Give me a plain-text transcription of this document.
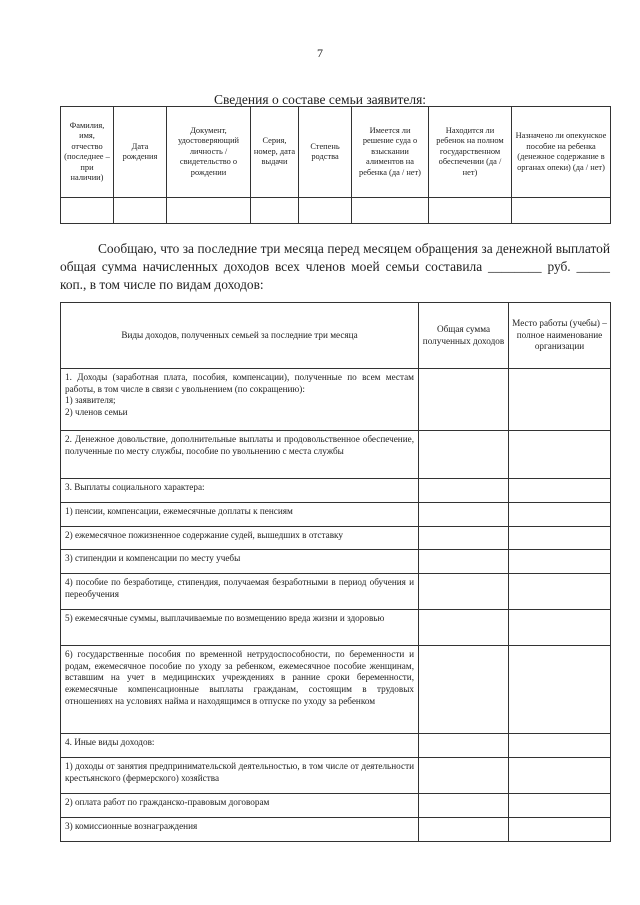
7
Сведения о составе семьи заявителя:
Фамилия, имя, отчество (последнее – при наличии)	Дата рождения	Документ, удостоверяющий личность / свидетельство о рождении	Серия, номер, дата выдачи	Степень родства	Имеется ли решение суда о взыскании алиментов на ребенка (да / нет)	Находится ли ребенок на полном государственном обеспечении (да / нет)	Назначено ли опекунское пособие на ребенка (денежное содержание в органах опеки) (да / нет)

Сообщаю, что за последние три месяца перед месяцем обращения за денежной выплатой общая сумма начисленных доходов всех членов моей семьи составила ________ руб. _____ коп., в том числе по видам доходов:
Виды доходов, полученных семьей за последние три месяца	Общая сумма полученных доходов	Место работы (учебы) – полное наименование организации
1. Доходы (заработная плата, пособия, компенсации), полученные по всем местам работы, в том числе в связи с увольнением (по сокращению):
1) заявителя;
2) членов семьи		
2. Денежное довольствие, дополнительные выплаты и продовольственное обеспечение, полученные по месту службы, пособие по увольнению с места службы		
3. Выплаты социального характера:		
1) пенсии, компенсации, ежемесячные доплаты к пенсиям		
2) ежемесячное пожизненное содержание судей, вышедших в отставку		
3) стипендии и компенсации по месту учебы		
4) пособие по безработице, стипендия, получаемая безработными в период обучения и переобучения		
5) ежемесячные суммы, выплачиваемые по возмещению вреда жизни и здоровью		
6) государственные пособия по временной нетрудоспособности, по беременности и родам, ежемесячное пособие по уходу за ребенком, ежемесячное пособие женщинам, вставшим на учет в медицинских учреждениях в ранние сроки беременности, ежемесячные компенсационные выплаты гражданам, состоящим в трудовых отношениях на условиях найма и находящимся в отпуске по уходу за ребенком		
4. Иные виды доходов:		
1) доходы от занятия предпринимательской деятельностью, в том числе от деятельности крестьянского (фермерского) хозяйства		
2) оплата работ по гражданско-правовым договорам		
3) комиссионные вознаграждения		
